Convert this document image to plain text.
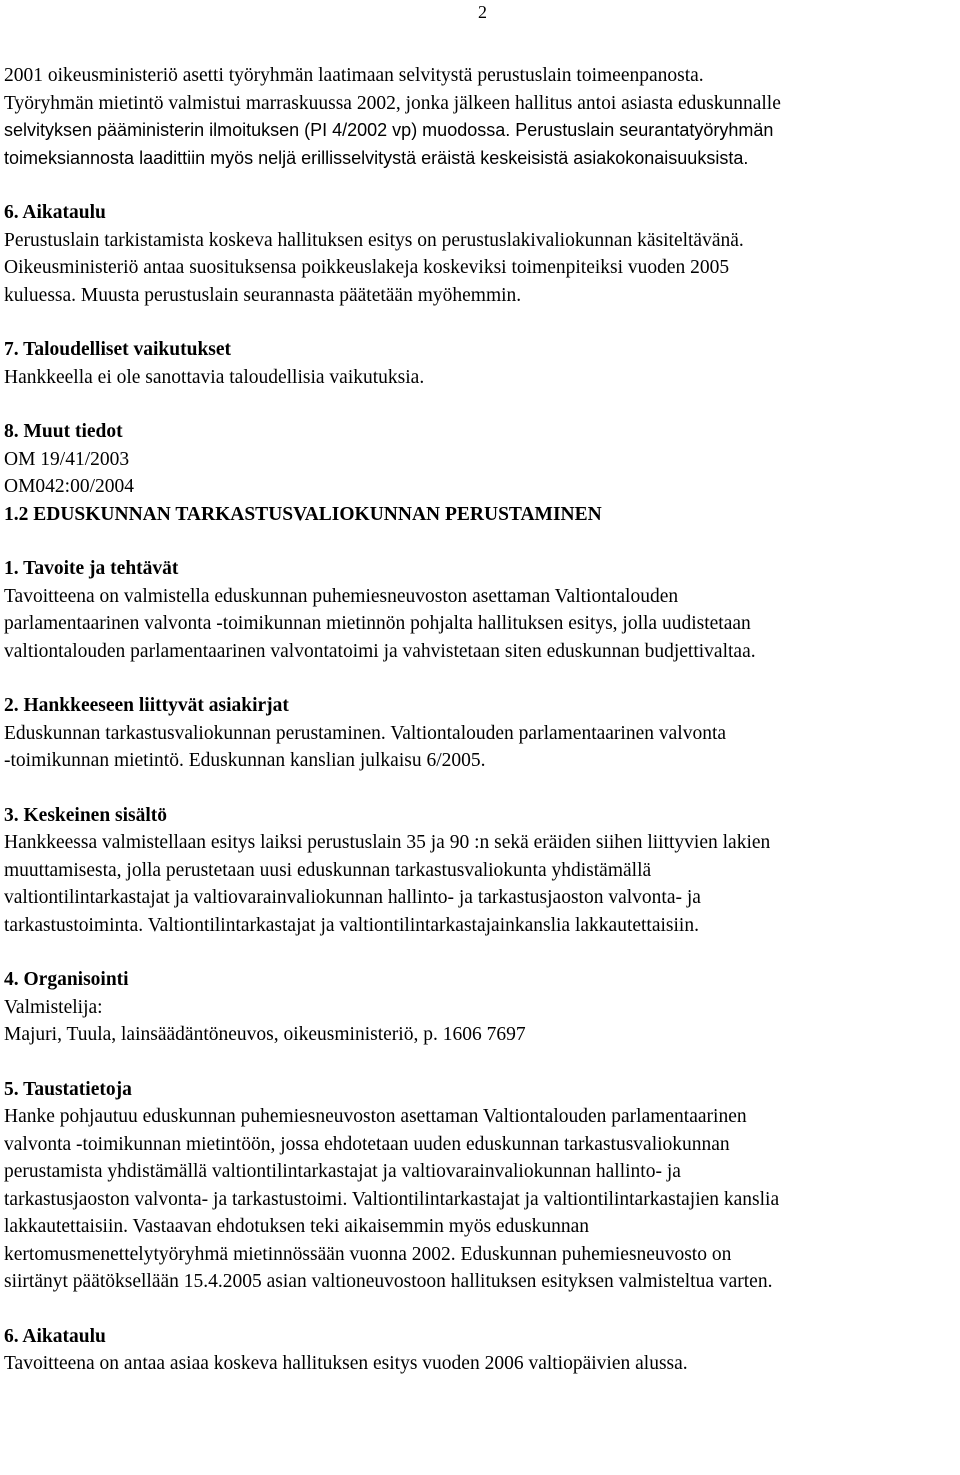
2
2001 oikeusministeriö asetti työryhmän laatimaan selvitystä perustuslain toimeenpanosta.
Työryhmän mietintö valmistui marraskuussa 2002, jonka jälkeen hallitus antoi asiasta eduskunnalle
selvityksen pääministerin ilmoituksen (PI 4/2002 vp) muodossa. Perustuslain seurantatyöryhmän
toimeksiannosta laadittiin myös neljä erillisselvitystä eräistä keskeisistä asiakokonaisuuksista.
6. Aikataulu
Perustuslain tarkistamista koskeva hallituksen esitys on perustuslakivaliokunnan käsiteltävänä.
Oikeusministeriö antaa suosituksensa poikkeuslakeja koskeviksi toimenpiteiksi vuoden 2005
kuluessa. Muusta perustuslain seurannasta päätetään myöhemmin.
7. Taloudelliset vaikutukset
Hankkeella ei ole sanottavia taloudellisia vaikutuksia.
8. Muut tiedot
OM 19/41/2003
OM042:00/2004
1.2 EDUSKUNNAN TARKASTUSVALIOKUNNAN PERUSTAMINEN
1. Tavoite ja tehtävät
Tavoitteena on valmistella eduskunnan puhemiesneuvoston asettaman Valtiontalouden
parlamentaarinen valvonta -toimikunnan mietinnön pohjalta hallituksen esitys, jolla uudistetaan
valtiontalouden parlamentaarinen valvontatoimi ja vahvistetaan siten eduskunnan budjettivaltaa.
2. Hankkeeseen liittyvät asiakirjat
Eduskunnan tarkastusvaliokunnan perustaminen. Valtiontalouden parlamentaarinen valvonta
-toimikunnan mietintö. Eduskunnan kanslian julkaisu 6/2005.
3. Keskeinen sisältö
Hankkeessa valmistellaan esitys laiksi perustuslain 35 ja 90 :n sekä eräiden siihen liittyvien lakien
muuttamisesta, jolla perustetaan uusi eduskunnan tarkastusvaliokunta yhdistämällä
valtiontilintarkastajat ja valtiovarainvaliokunnan hallinto- ja tarkastusjaoston valvonta- ja
tarkastustoiminta. Valtiontilintarkastajat ja valtiontilintarkastajainkanslia lakkautettaisiin.
4. Organisointi
Valmistelija:
Majuri, Tuula, lainsäädäntöneuvos, oikeusministeriö, p. 1606 7697
5. Taustatietoja
Hanke pohjautuu eduskunnan puhemiesneuvoston asettaman Valtiontalouden parlamentaarinen
valvonta -toimikunnan mietintöön, jossa ehdotetaan uuden eduskunnan tarkastusvaliokunnan
perustamista yhdistämällä valtiontilintarkastajat ja valtiovarainvaliokunnan hallinto- ja
tarkastusjaoston valvonta- ja tarkastustoimi. Valtiontilintarkastajat ja valtiontilintarkastajien kanslia
lakkautettaisiin. Vastaavan ehdotuksen teki aikaisemmin myös eduskunnan
kertomusmenettelytyöryhmä mietinnössään vuonna 2002. Eduskunnan puhemiesneuvosto on
siirtänyt päätöksellään 15.4.2005 asian valtioneuvostoon hallituksen esityksen valmisteltua varten.
6. Aikataulu
Tavoitteena on antaa asiaa koskeva hallituksen esitys vuoden 2006 valtiopäivien alussa.
